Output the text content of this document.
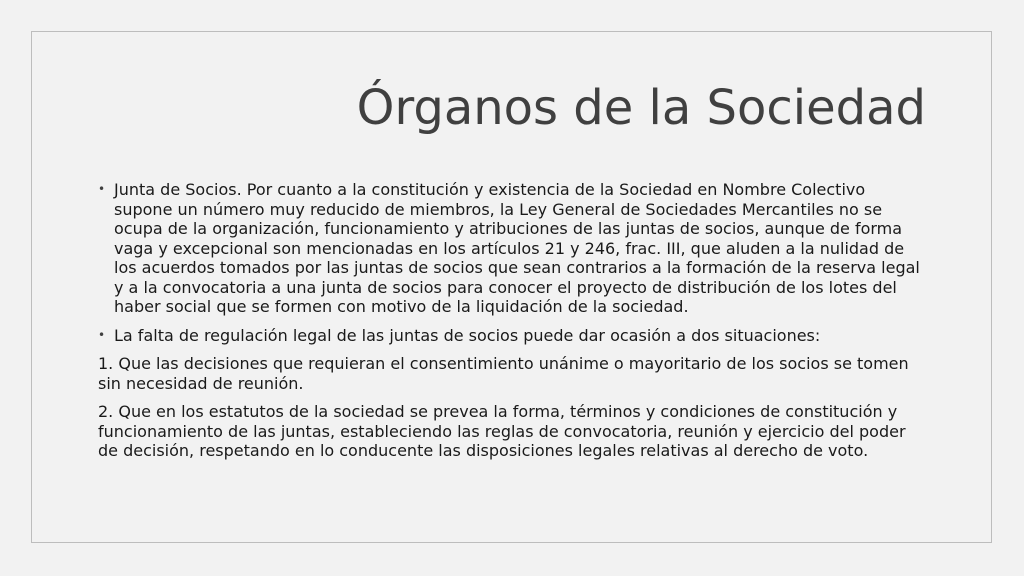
Órganos de la Sociedad
• Junta de Socios. Por cuanto a la constitución y existencia de la Sociedad en Nombre Colectivo supone un número muy reducido de miembros, la Ley General de Sociedades Mercantiles no se ocupa de la organización, funcionamiento y atribuciones de las juntas de socios, aunque de forma vaga y excepcional son mencionadas en los artículos 21 y 246, frac. III, que aluden a la nulidad de los acuerdos tomados por las juntas de socios que sean contrarios a la formación de la reserva legal y a la convocatoria a una junta de socios para conocer el proyecto de distribución de los lotes del haber social que se formen con motivo de la liquidación de la sociedad.
• La falta de regulación legal de las juntas de socios puede dar ocasión a dos situaciones:

1. Que las decisiones que requieran el consentimiento unánime o mayoritario de los socios se tomen sin necesidad de reunión.

2. Que en los estatutos de la sociedad se prevea la forma, términos y condiciones de constitución y funcionamiento de las juntas, estableciendo las reglas de convocatoria, reunión y ejercicio del poder de decisión, respetando en lo conducente las disposiciones legales relativas al derecho de voto.
